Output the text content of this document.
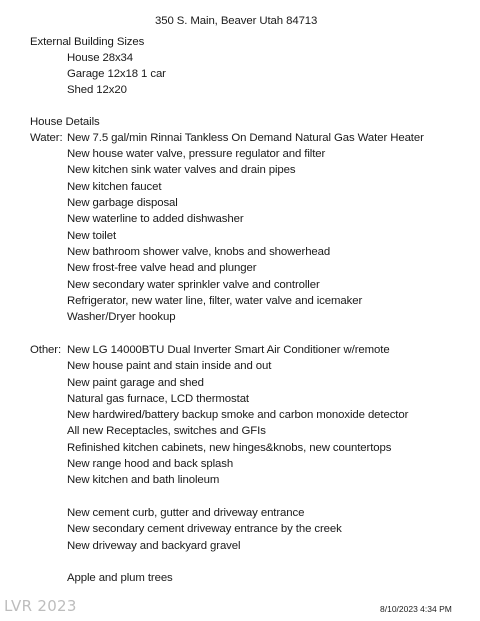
350 S. Main, Beaver Utah 84713
External Building Sizes
House 28x34
Garage 12x18 1 car
Shed 12x20
House Details
Water: New 7.5 gal/min Rinnai Tankless On Demand Natural Gas Water Heater
New house water valve, pressure regulator and filter
New kitchen sink water valves and drain pipes
New kitchen faucet
New garbage disposal
New waterline to added dishwasher
New toilet
New bathroom shower valve, knobs and showerhead
New frost-free valve head and plunger
New secondary water sprinkler valve and controller
Refrigerator, new water line, filter, water valve and icemaker
Washer/Dryer hookup
Other: New LG 14000BTU Dual Inverter Smart Air Conditioner w/remote
New house paint and stain inside and out
New paint garage and shed
Natural gas furnace, LCD thermostat
New hardwired/battery backup smoke and carbon monoxide detector
All new Receptacles, switches and GFIs
Refinished kitchen cabinets, new hinges&knobs, new countertops
New range hood and back splash
New kitchen and bath linoleum
New cement curb, gutter and driveway entrance
New secondary cement driveway entrance by the creek
New driveway and backyard gravel
Apple and plum trees
LVR 2023	8/10/2023 4:34 PM
